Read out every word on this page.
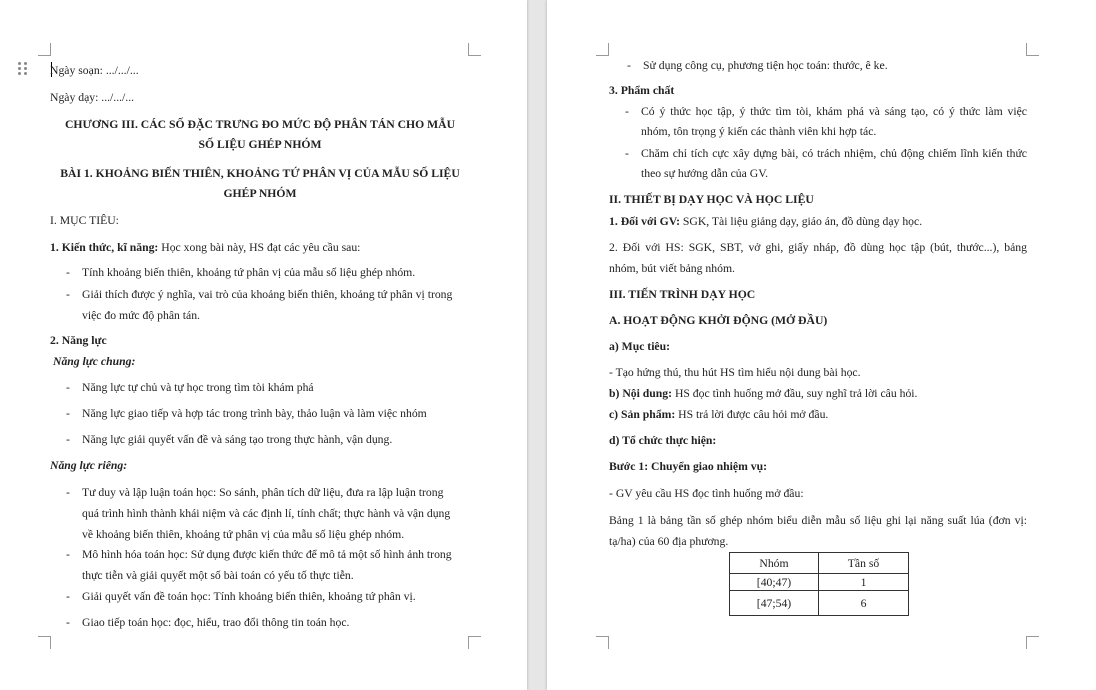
Ngày soạn: .../.../...
Ngày dạy: .../.../...
CHƯƠNG III. CÁC SỐ ĐẶC TRƯNG ĐO MỨC ĐỘ PHÂN TÁN CHO MẪU
SỐ LIỆU GHÉP NHÓM
BÀI 1. KHOẢNG BIẾN THIÊN, KHOẢNG TỨ PHÂN VỊ CỦA MẪU SỐ LIỆU
GHÉP NHÓM
I. MỤC TIÊU:
1. Kiến thức, kĩ năng: Học xong bài này, HS đạt các yêu cầu sau:
- Tính khoảng biến thiên, khoảng tứ phân vị của mẫu số liệu ghép nhóm.
- Giải thích được ý nghĩa, vai trò của khoảng biến thiên, khoảng tứ phân vị trong
việc đo mức độ phân tán.
2. Năng lực
Năng lực chung:
- Năng lực tự chủ và tự học trong tìm tòi khám phá
- Năng lực giao tiếp và hợp tác trong trình bày, thảo luận và làm việc nhóm
- Năng lực giải quyết vấn đề và sáng tạo trong thực hành, vận dụng.
Năng lực riêng:
- Tư duy và lập luận toán học: So sánh, phân tích dữ liệu, đưa ra lập luận trong
quá trình hình thành khái niệm và các định lí, tính chất; thực hành và vận dụng
về khoảng biến thiên, khoảng tứ phân vị của mẫu số liệu ghép nhóm.
- Mô hình hóa toán học: Sử dụng được kiến thức để mô tả một số hình ảnh trong
thực tiễn và giải quyết một số bài toán có yếu tố thực tiễn.
- Giải quyết vấn đề toán học: Tính khoảng biến thiên, khoảng tứ phân vị.
- Giao tiếp toán học: đọc, hiểu, trao đổi thông tin toán học.
- Sử dụng công cụ, phương tiện học toán: thước, ê ke.
3. Phẩm chất
- Có ý thức học tập, ý thức tìm tòi, khám phá và sáng tạo, có ý thức làm việc
nhóm, tôn trọng ý kiến các thành viên khi hợp tác.
- Chăm chỉ tích cực xây dựng bài, có trách nhiệm, chủ động chiếm lĩnh kiến thức
theo sự hướng dẫn của GV.
II. THIẾT BỊ DẠY HỌC VÀ HỌC LIỆU
1. Đối với GV: SGK, Tài liệu giảng dạy, giáo án, đồ dùng dạy học.
2. Đối với HS: SGK, SBT, vở ghi, giấy nháp, đồ dùng học tập (bút, thước...), bảng
nhóm, bút viết bảng nhóm.
III. TIẾN TRÌNH DẠY HỌC
A. HOẠT ĐỘNG KHỞI ĐỘNG (MỞ ĐẦU)
a) Mục tiêu:
- Tạo hứng thú, thu hút HS tìm hiểu nội dung bài học.
b) Nội dung: HS đọc tình huống mở đầu, suy nghĩ trả lời câu hỏi.
c) Sản phẩm: HS trả lời được câu hỏi mở đầu.
d) Tổ chức thực hiện:
Bước 1: Chuyển giao nhiệm vụ:
- GV yêu cầu HS đọc tình huống mở đầu:
Bảng 1 là bảng tần số ghép nhóm biểu diễn mẫu số liệu ghi lại năng suất lúa (đơn vị:
tạ/ha) của 60 địa phương.
Nhóm	Tần số
[40;47)	1
[47;54)	6
